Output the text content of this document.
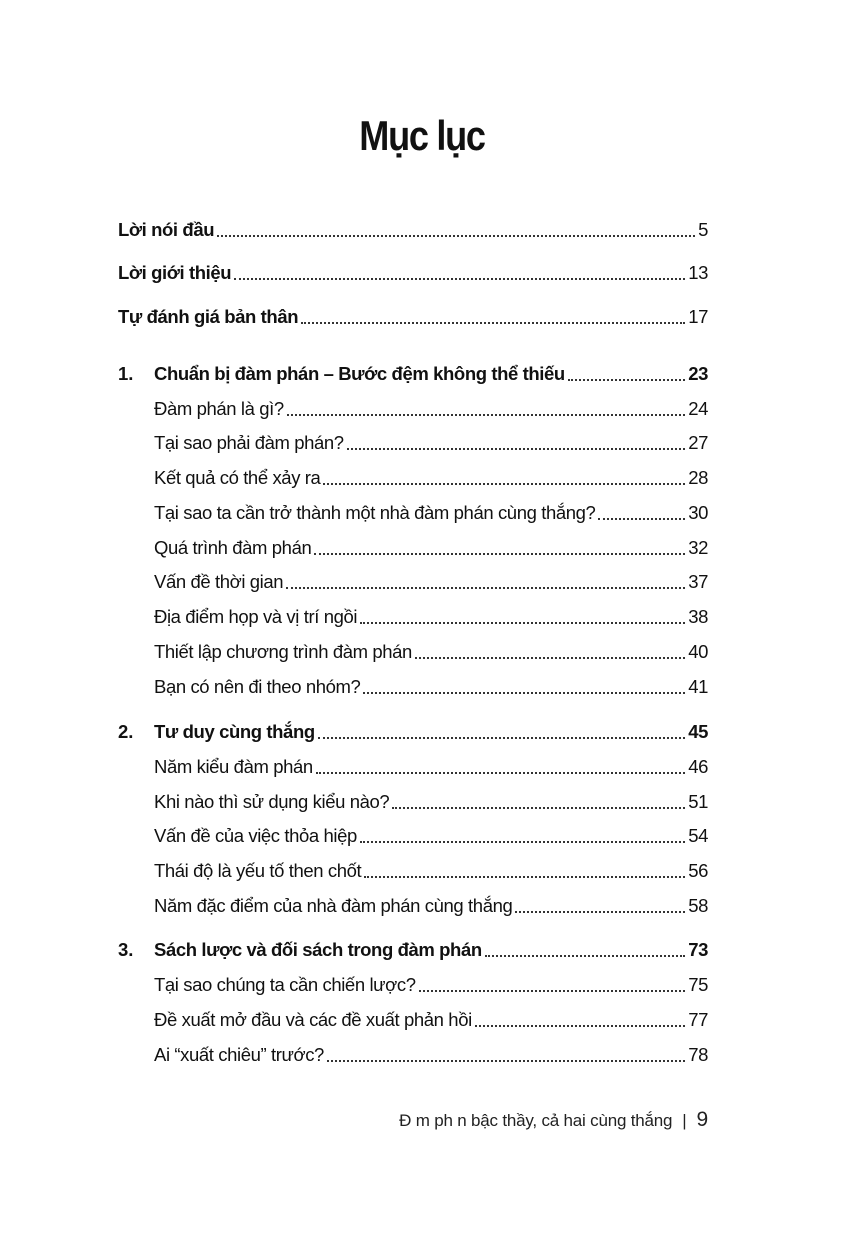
Mục lục
Lời nói đầu	5
Lời giới thiệu	13
Tự đánh giá bản thân	17
1. Chuẩn bị đàm phán – Bước đệm không thể thiếu	23
Đàm phán là gì?	24
Tại sao phải đàm phán?	27
Kết quả có thể xảy ra	28
Tại sao ta cần trở thành một nhà đàm phán cùng thắng?	30
Quá trình đàm phán	32
Vấn đề thời gian	37
Địa điểm họp và vị trí ngồi	38
Thiết lập chương trình đàm phán	40
Bạn có nên đi theo nhóm?	41
2. Tư duy cùng thắng	45
Năm kiểu đàm phán	46
Khi nào thì sử dụng kiểu nào?	51
Vấn đề của việc thỏa hiệp	54
Thái độ là yếu tố then chốt	56
Năm đặc điểm của nhà đàm phán cùng thắng	58
3. Sách lược và đối sách trong đàm phán	73
Tại sao chúng ta cần chiến lược?	75
Đề xuất mở đầu và các đề xuất phản hồi	77
Ai “xuất chiêu” trước?	78
Đ m ph n bậc thầy, cả hai cùng thắng | 9
